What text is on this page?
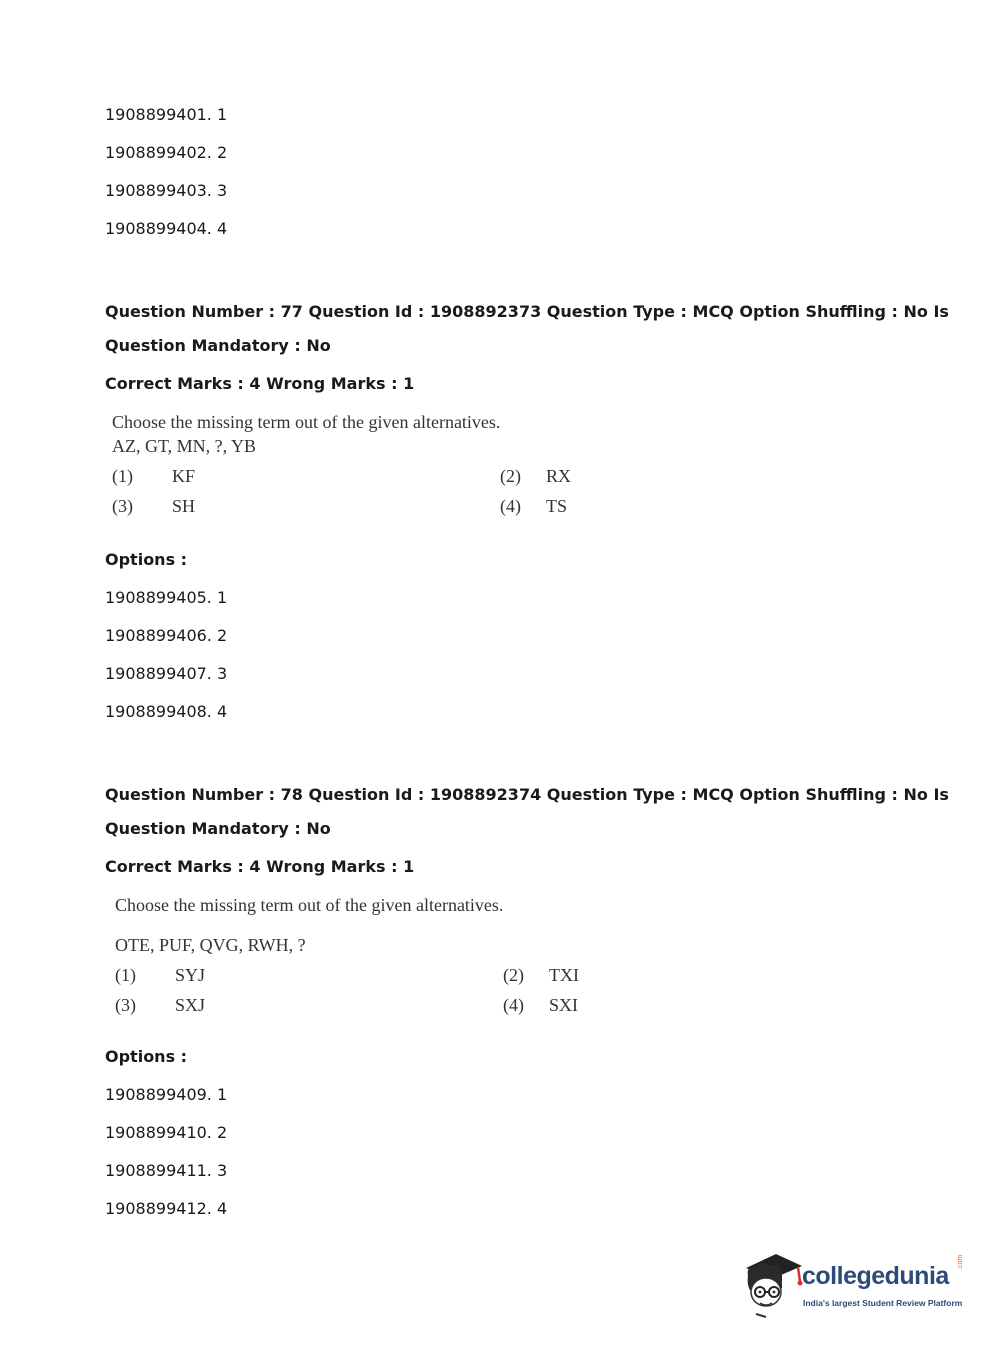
1908899401. 1
1908899402. 2
1908899403. 3
1908899404. 4
Question Number : 77 Question Id : 1908892373 Question Type : MCQ Option Shuffling : No Is
Question Mandatory : No
Correct Marks : 4 Wrong Marks : 1
Choose the missing term out of the given alternatives.
AZ, GT, MN, ?, YB
(1) KF	(2) RX
(3) SH	(4) TS
Options :
1908899405. 1
1908899406. 2
1908899407. 3
1908899408. 4
Question Number : 78 Question Id : 1908892374 Question Type : MCQ Option Shuffling : No Is
Question Mandatory : No
Correct Marks : 4 Wrong Marks : 1
Choose the missing term out of the given alternatives.
OTE, PUF, QVG, RWH, ?
(1) SYJ	(2) TXI
(3) SXJ	(4) SXI
Options :
1908899409. 1
1908899410. 2
1908899411. 3
1908899412. 4
collegedunia .com
India's largest Student Review Platform
